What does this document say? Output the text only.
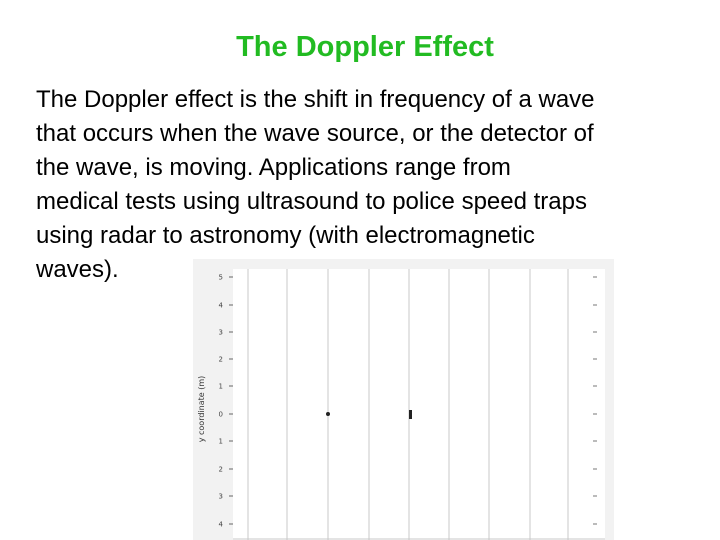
The Doppler Effect
The Doppler effect is the shift in frequency of a wave
that occurs when the wave source, or the detector of
the wave, is moving. Applications range from
medical tests using ultrasound to police speed traps
using radar to astronomy (with electromagnetic
waves).	5
4
3
2
1
0
1
2
3
4
y coordinate (m)
